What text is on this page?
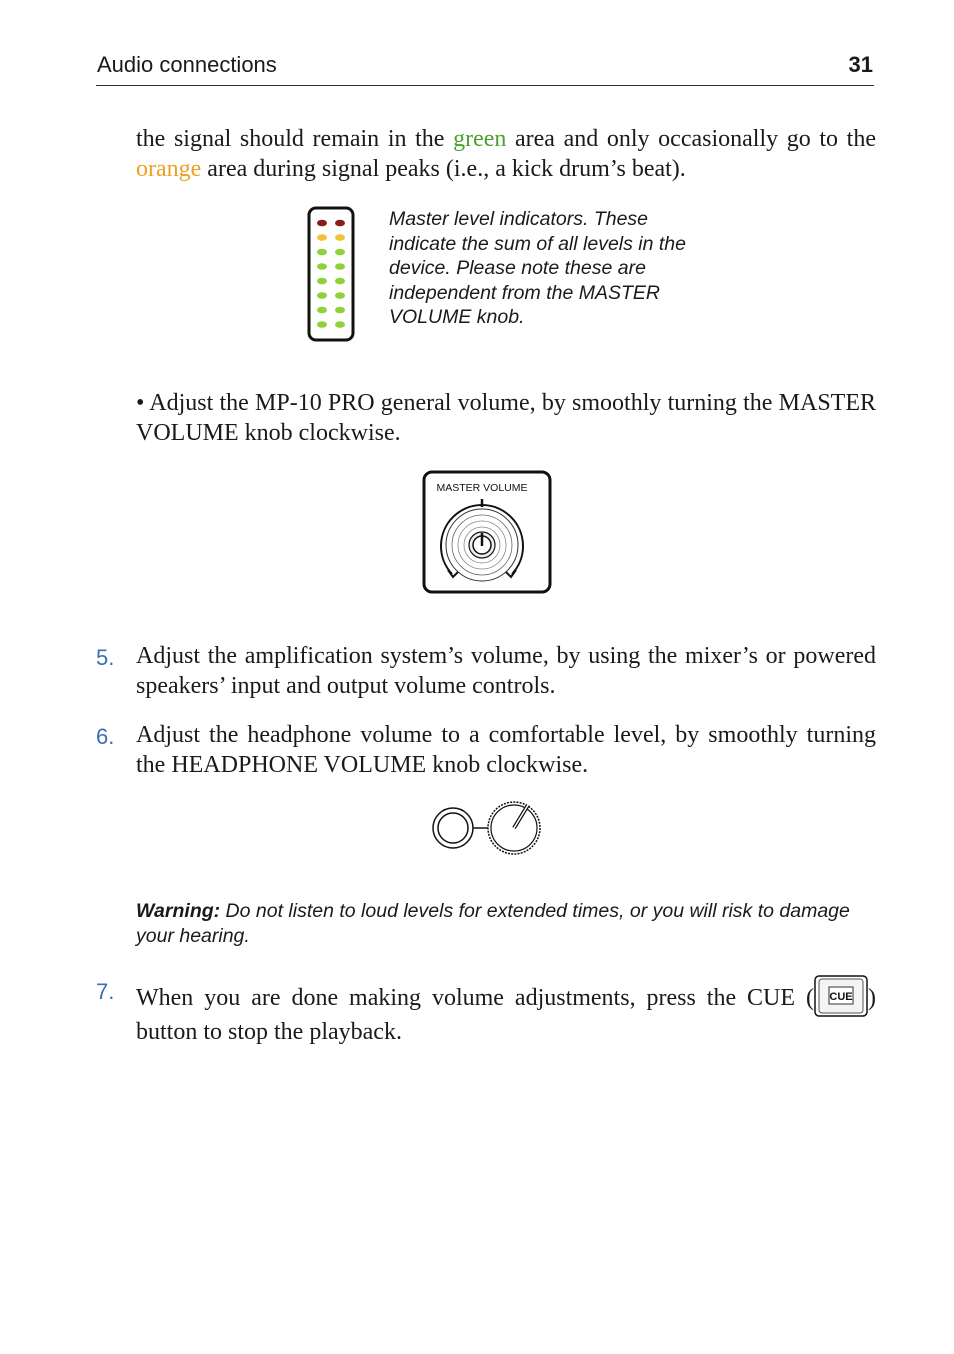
Audio connections	31
the signal should remain in the green area and only occasionally go to the orange area during signal peaks (i.e., a kick drum’s beat).
Master level indicators. These indicate the sum of all levels in the device. Please note these are independent from the MASTER VOLUME knob.
• Adjust the MP-10 PRO general volume, by smoothly turning the MASTER VOLUME knob clockwise.
MASTER VOLUME
5. Adjust the amplification system’s volume, by using the mixer’s or powered speakers’ input and output volume controls.
6. Adjust the headphone volume to a comfortable level, by smoothly turning the HEADPHONE VOLUME knob clockwise.
Warning: Do not listen to loud levels for extended times, or you will risk to damage your hearing.
7. When you are done making volume adjustments, press the CUE ( CUE ) button to stop the playback.
